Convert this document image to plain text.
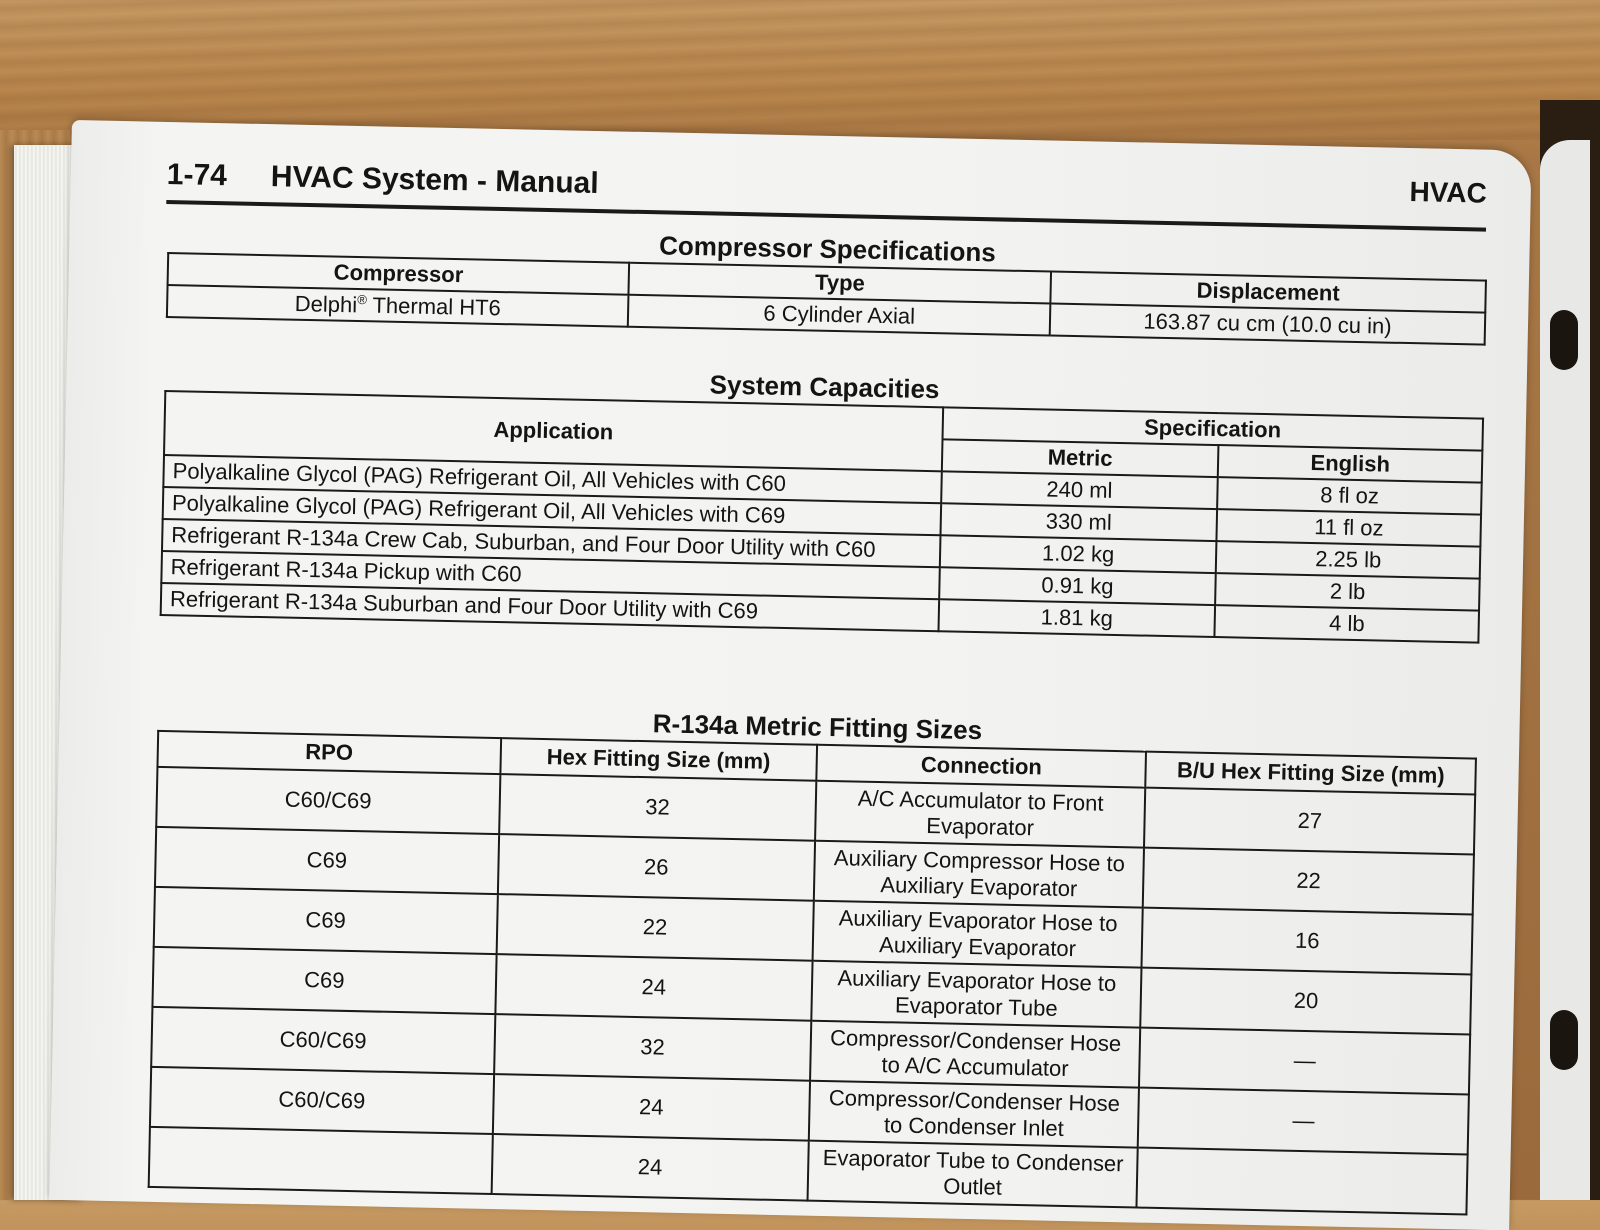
1-74 HVAC System - Manual	HVAC
Compressor Specifications
Compressor	Type	Displacement
Delphi® Thermal HT6	6 Cylinder Axial	163.87 cu cm (10.0 cu in)
System Capacities
Application	Specification	
	Metric	English
Polyalkaline Glycol (PAG) Refrigerant Oil, All Vehicles with C60	240 ml	8 fl oz
Polyalkaline Glycol (PAG) Refrigerant Oil, All Vehicles with C69	330 ml	11 fl oz
Refrigerant R-134a Crew Cab, Suburban, and Four Door Utility with C60	1.02 kg	2.25 lb
Refrigerant R-134a Pickup with C60	0.91 kg	2 lb
Refrigerant R-134a Suburban and Four Door Utility with C69	1.81 kg	4 lb
R-134a Metric Fitting Sizes
RPO	Hex Fitting Size (mm)	Connection	B/U Hex Fitting Size (mm)
C60/C69	32	A/C Accumulator to Front Evaporator	27
C69	26	Auxiliary Compressor Hose to Auxiliary Evaporator	22
C69	22	Auxiliary Evaporator Hose to Auxiliary Evaporator	16
C69	24	Auxiliary Evaporator Hose to Evaporator Tube	20
C60/C69	32	Compressor/Condenser Hose to A/C Accumulator	—
C60/C69	24	Compressor/Condenser Hose to Condenser Inlet	—
	24	Evaporator Tube to Condenser Outlet	
